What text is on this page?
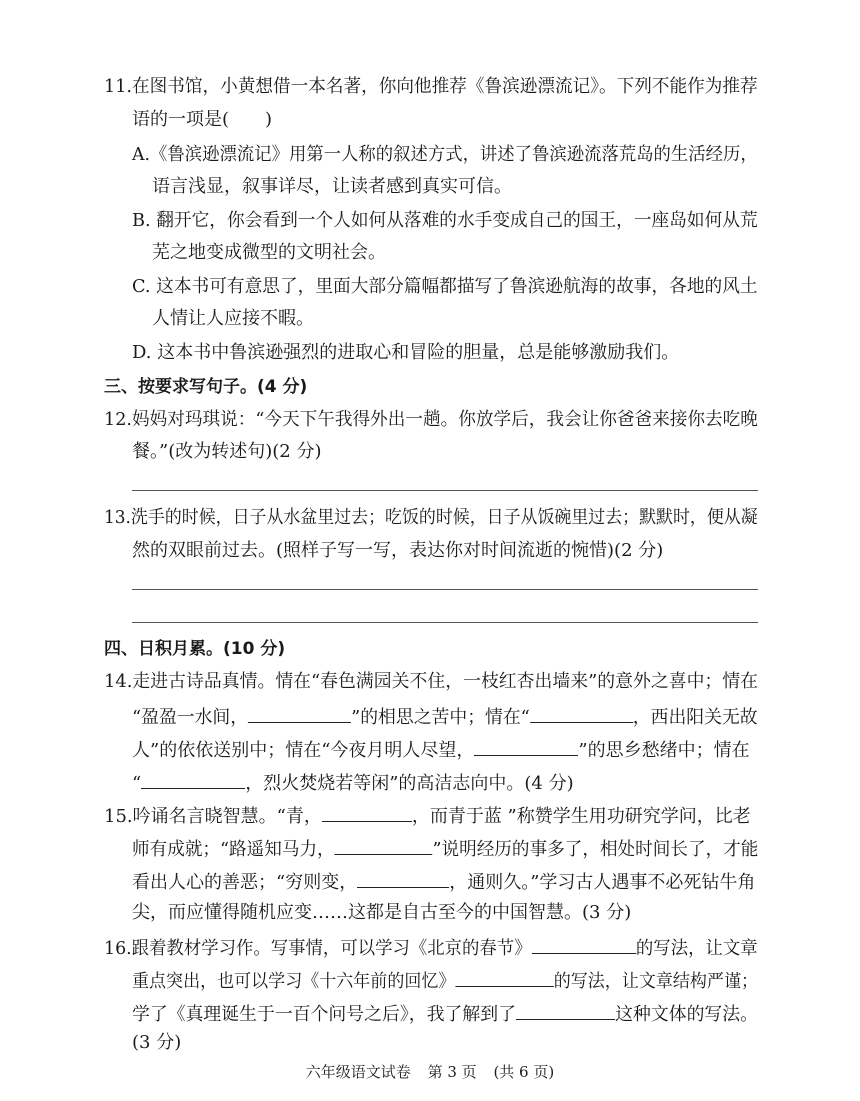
11.在图书馆，小黄想借一本名著，你向他推荐《鲁滨逊漂流记》。下列不能作为推荐
语的一项是(　　)
A.《鲁滨逊漂流记》用第一人称的叙述方式，讲述了鲁滨逊流落荒岛的生活经历，
语言浅显，叙事详尽，让读者感到真实可信。
B. 翻开它，你会看到一个人如何从落难的水手变成自己的国王，一座岛如何从荒
芜之地变成微型的文明社会。
C. 这本书可有意思了，里面大部分篇幅都描写了鲁滨逊航海的故事，各地的风土
人情让人应接不暇。
D. 这本书中鲁滨逊强烈的进取心和冒险的胆量，总是能够激励我们。
三、按要求写句子。(4 分)
12.妈妈对玛琪说：“今天下午我得外出一趟。你放学后，我会让你爸爸来接你去吃晚
餐。”(改为转述句)(2 分)
13.洗手的时候，日子从水盆里过去；吃饭的时候，日子从饭碗里过去；默默时，便从凝
然的双眼前过去。(照样子写一写，表达你对时间流逝的惋惜)(2 分)
四、日积月累。(10 分)
14.走进古诗品真情。情在“春色满园关不住，一枝红杏出墙来”的意外之喜中；情在
“盈盈一水间，	”的相思之苦中；情在“	，西出阳关无故
人”的依依送别中；情在“今夜月明人尽望，	”的思乡愁绪中；情在
“	，烈火焚烧若等闲”的高洁志向中。(4 分)
15.吟诵名言晓智慧。“青，	，而青于蓝 ”称赞学生用功研究学问，比老
师有成就；“路遥知马力，	”说明经历的事多了，相处时间长了，才能
看出人心的善恶；“穷则变，	，通则久。”学习古人遇事不必死钻牛角
尖，而应懂得随机应变……这都是自古至今的中国智慧。(3 分)
16.跟着教材学习作。写事情，可以学习《北京的春节》	的写法，让文章
重点突出，也可以学习《十六年前的回忆》	的写法，让文章结构严谨；
学了《真理诞生于一百个问号之后》，我了解到了	这种文体的写法。
(3 分)
六年级语文试卷 第 3 页 (共 6 页)
